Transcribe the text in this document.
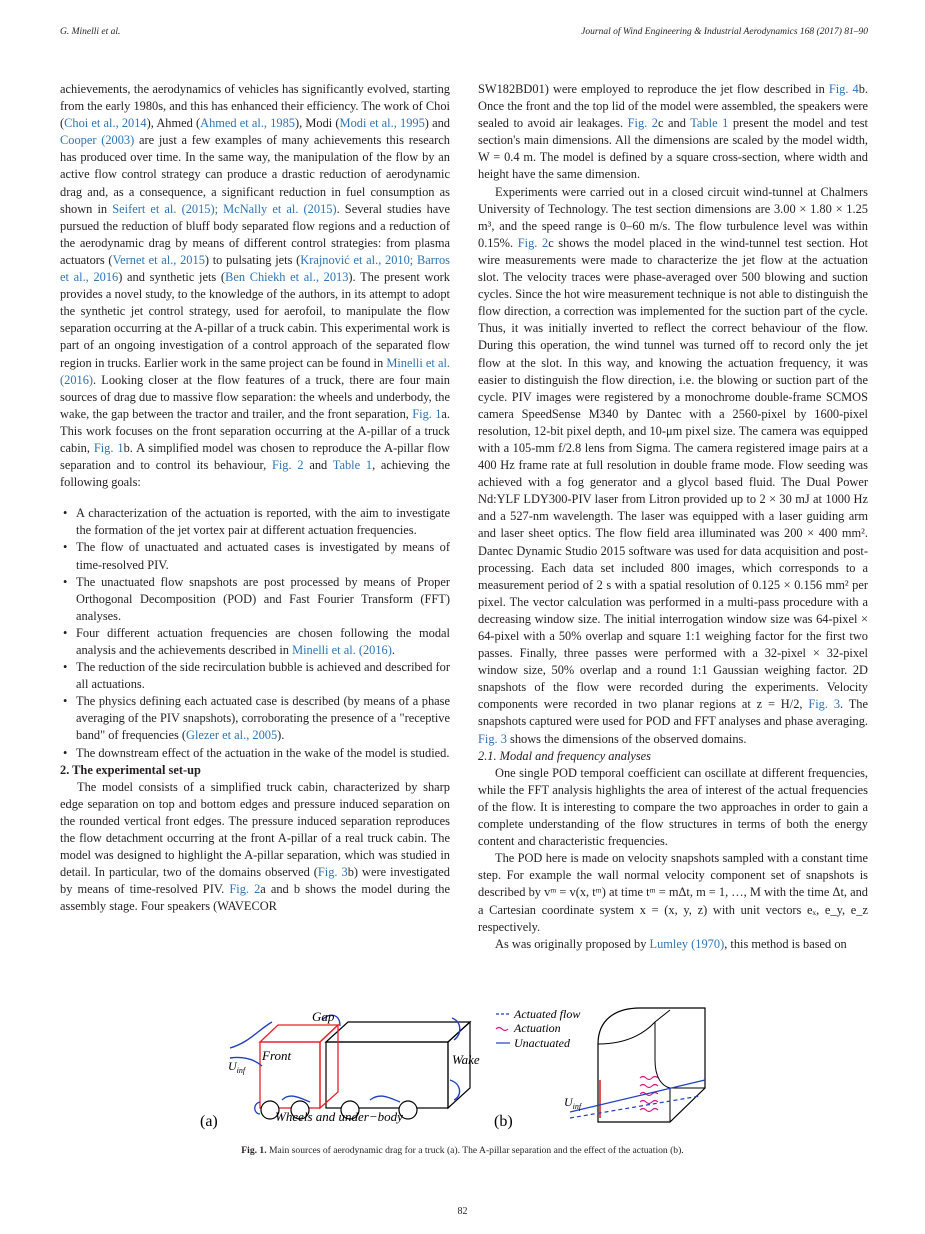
G. Minelli et al.	Journal of Wind Engineering & Industrial Aerodynamics 168 (2017) 81–90

achievements, the aerodynamics of vehicles has significantly evolved, starting from the early 1980s, and this has enhanced their efficiency. The work of Choi (Choi et al., 2014), Ahmed (Ahmed et al., 1985), Modi (Modi et al., 1995) and Cooper (2003) are just a few examples of many achievements this research has produced over time. In the same way, the manipulation of the flow by an active flow control strategy can produce a drastic reduction of aerodynamic drag and, as a consequence, a significant reduction in fuel consumption as shown in Seifert et al. (2015); McNally et al. (2015). Several studies have pursued the reduction of bluff body separated flow regions and a reduction of the aerodynamic drag by means of different control strategies: from plasma actuators (Vernet et al., 2015) to pulsating jets (Krajnović et al., 2010; Barros et al., 2016) and synthetic jets (Ben Chiekh et al., 2013). The present work provides a novel study, to the knowledge of the authors, in its attempt to adopt the synthetic jet control strategy, used for aerofoil, to manipulate the flow separation occurring at the A-pillar of a truck cabin. This experimental work is part of an ongoing investigation of a control approach of the separated flow region in trucks. Earlier work in the same project can be found in Minelli et al. (2016). Looking closer at the flow features of a truck, there are four main sources of drag due to massive flow separation: the wheels and underbody, the wake, the gap between the tractor and trailer, and the front separation, Fig. 1a. This work focuses on the front separation occurring at the A-pillar of a truck cabin, Fig. 1b. A simplified model was chosen to reproduce the A-pillar flow separation and to control its behaviour, Fig. 2 and Table 1, achieving the following goals:

• A characterization of the actuation is reported, with the aim to investigate the formation of the jet vortex pair at different actuation frequencies.
• The flow of unactuated and actuated cases is investigated by means of time-resolved PIV.
• The unactuated flow snapshots are post processed by means of Proper Orthogonal Decomposition (POD) and Fast Fourier Transform (FFT) analyses.
• Four different actuation frequencies are chosen following the modal analysis and the achievements described in Minelli et al. (2016).
• The reduction of the side recirculation bubble is achieved and described for all actuations.
• The physics defining each actuated case is described (by means of a phase averaging of the PIV snapshots), corroborating the presence of a "receptive band" of frequencies (Glezer et al., 2005).
• The downstream effect of the actuation in the wake of the model is studied.

2. The experimental set-up

The model consists of a simplified truck cabin, characterized by sharp edge separation on top and bottom edges and pressure induced separation on the rounded vertical front edges. The pressure induced separation reproduces the flow detachment occurring at the front A-pillar of a real truck cabin. The model was designed to highlight the A-pillar separation, which was studied in detail. In particular, two of the domains observed (Fig. 3b) were investigated by means of time-resolved PIV. Fig. 2a and b shows the model during the assembly stage. Four speakers (WAVECOR

SW182BD01) were employed to reproduce the jet flow described in Fig. 4b. Once the front and the top lid of the model were assembled, the speakers were sealed to avoid air leakages. Fig. 2c and Table 1 present the model and test section's main dimensions. All the dimensions are scaled by the model width, W = 0.4 m. The model is defined by a square cross-section, where width and height have the same dimension.

Experiments were carried out in a closed circuit wind-tunnel at Chalmers University of Technology. The test section dimensions are 3.00 × 1.80 × 1.25 m³, and the speed range is 0–60 m/s. The flow turbulence level was within 0.15%. Fig. 2c shows the model placed in the wind-tunnel test section. Hot wire measurements were made to characterize the jet flow at the actuation slot. The velocity traces were phase-averaged over 500 blowing and suction cycles. Since the hot wire measurement technique is not able to distinguish the flow direction, a correction was implemented for the suction part of the cycle. Thus, it was initially inverted to reflect the correct behaviour of the flow. During this operation, the wind tunnel was turned off to record only the jet flow at the slot. In this way, and knowing the actuation frequency, it was easier to distinguish the flow direction, i.e. the blowing or suction part of the cycle. PIV images were registered by a monochrome double-frame SCMOS camera SpeedSense M340 by Dantec with a 2560-pixel by 1600-pixel resolution, 12-bit pixel depth, and 10-μm pixel size. The camera was equipped with a 105-mm f/2.8 lens from Sigma. The camera registered image pairs at a 400 Hz frame rate at full resolution in double frame mode. Flow seeding was achieved with a fog generator and a glycol based fluid. The Dual Power Nd:YLF LDY300-PIV laser from Litron provided up to 2 × 30 mJ at 1000 Hz and a 527-nm wavelength. The laser was equipped with a laser guiding arm and laser sheet optics. The flow field area illuminated was 200 × 400 mm². Dantec Dynamic Studio 2015 software was used for data acquisition and post-processing. Each data set included 800 images, which corresponds to a measurement period of 2 s with a spatial resolution of 0.125 × 0.156 mm² per pixel. The vector calculation was performed in a multi-pass procedure with a decreasing window size. The initial interrogation window size was 64-pixel × 64-pixel with a 50% overlap and square 1:1 weighing factor for the first two passes. Finally, three passes were performed with a 32-pixel × 32-pixel window size, 50% overlap and a round 1:1 Gaussian weighing factor. 2D snapshots of the flow were recorded during the experiments. Velocity components were recorded in two planar regions at z = H/2, Fig. 3. The snapshots captured were used for POD and FFT analyses and phase averaging. Fig. 3 shows the dimensions of the observed domains.

2.1. Modal and frequency analyses

One single POD temporal coefficient can oscillate at different frequencies, while the FFT analysis highlights the area of interest of the actual frequencies of the flow. It is interesting to compare the two approaches in order to gain a complete understanding of the flow structures in terms of both the energy content and characteristic frequencies.

The POD here is made on velocity snapshots sampled with a constant time step. For example the wall normal velocity component set of snapshots is described by vᵐ = v(x, tᵐ) at time tᵐ = mΔt, m = 1, …, M with the time Δt, and a Cartesian coordinate system x = (x, y, z) with unit vectors eₓ, e_y, e_z respectively.

As was originally proposed by Lumley (1970), this method is based on

Gap
Front	Wake
$U_{inf}$
Wheels and under−body
(a)
Actuated flow
Actuation
Unactuated
$U_{inf}$
(b)
Fig. 1. Main sources of aerodynamic drag for a truck (a). The A-pillar separation and the effect of the actuation (b).
82
